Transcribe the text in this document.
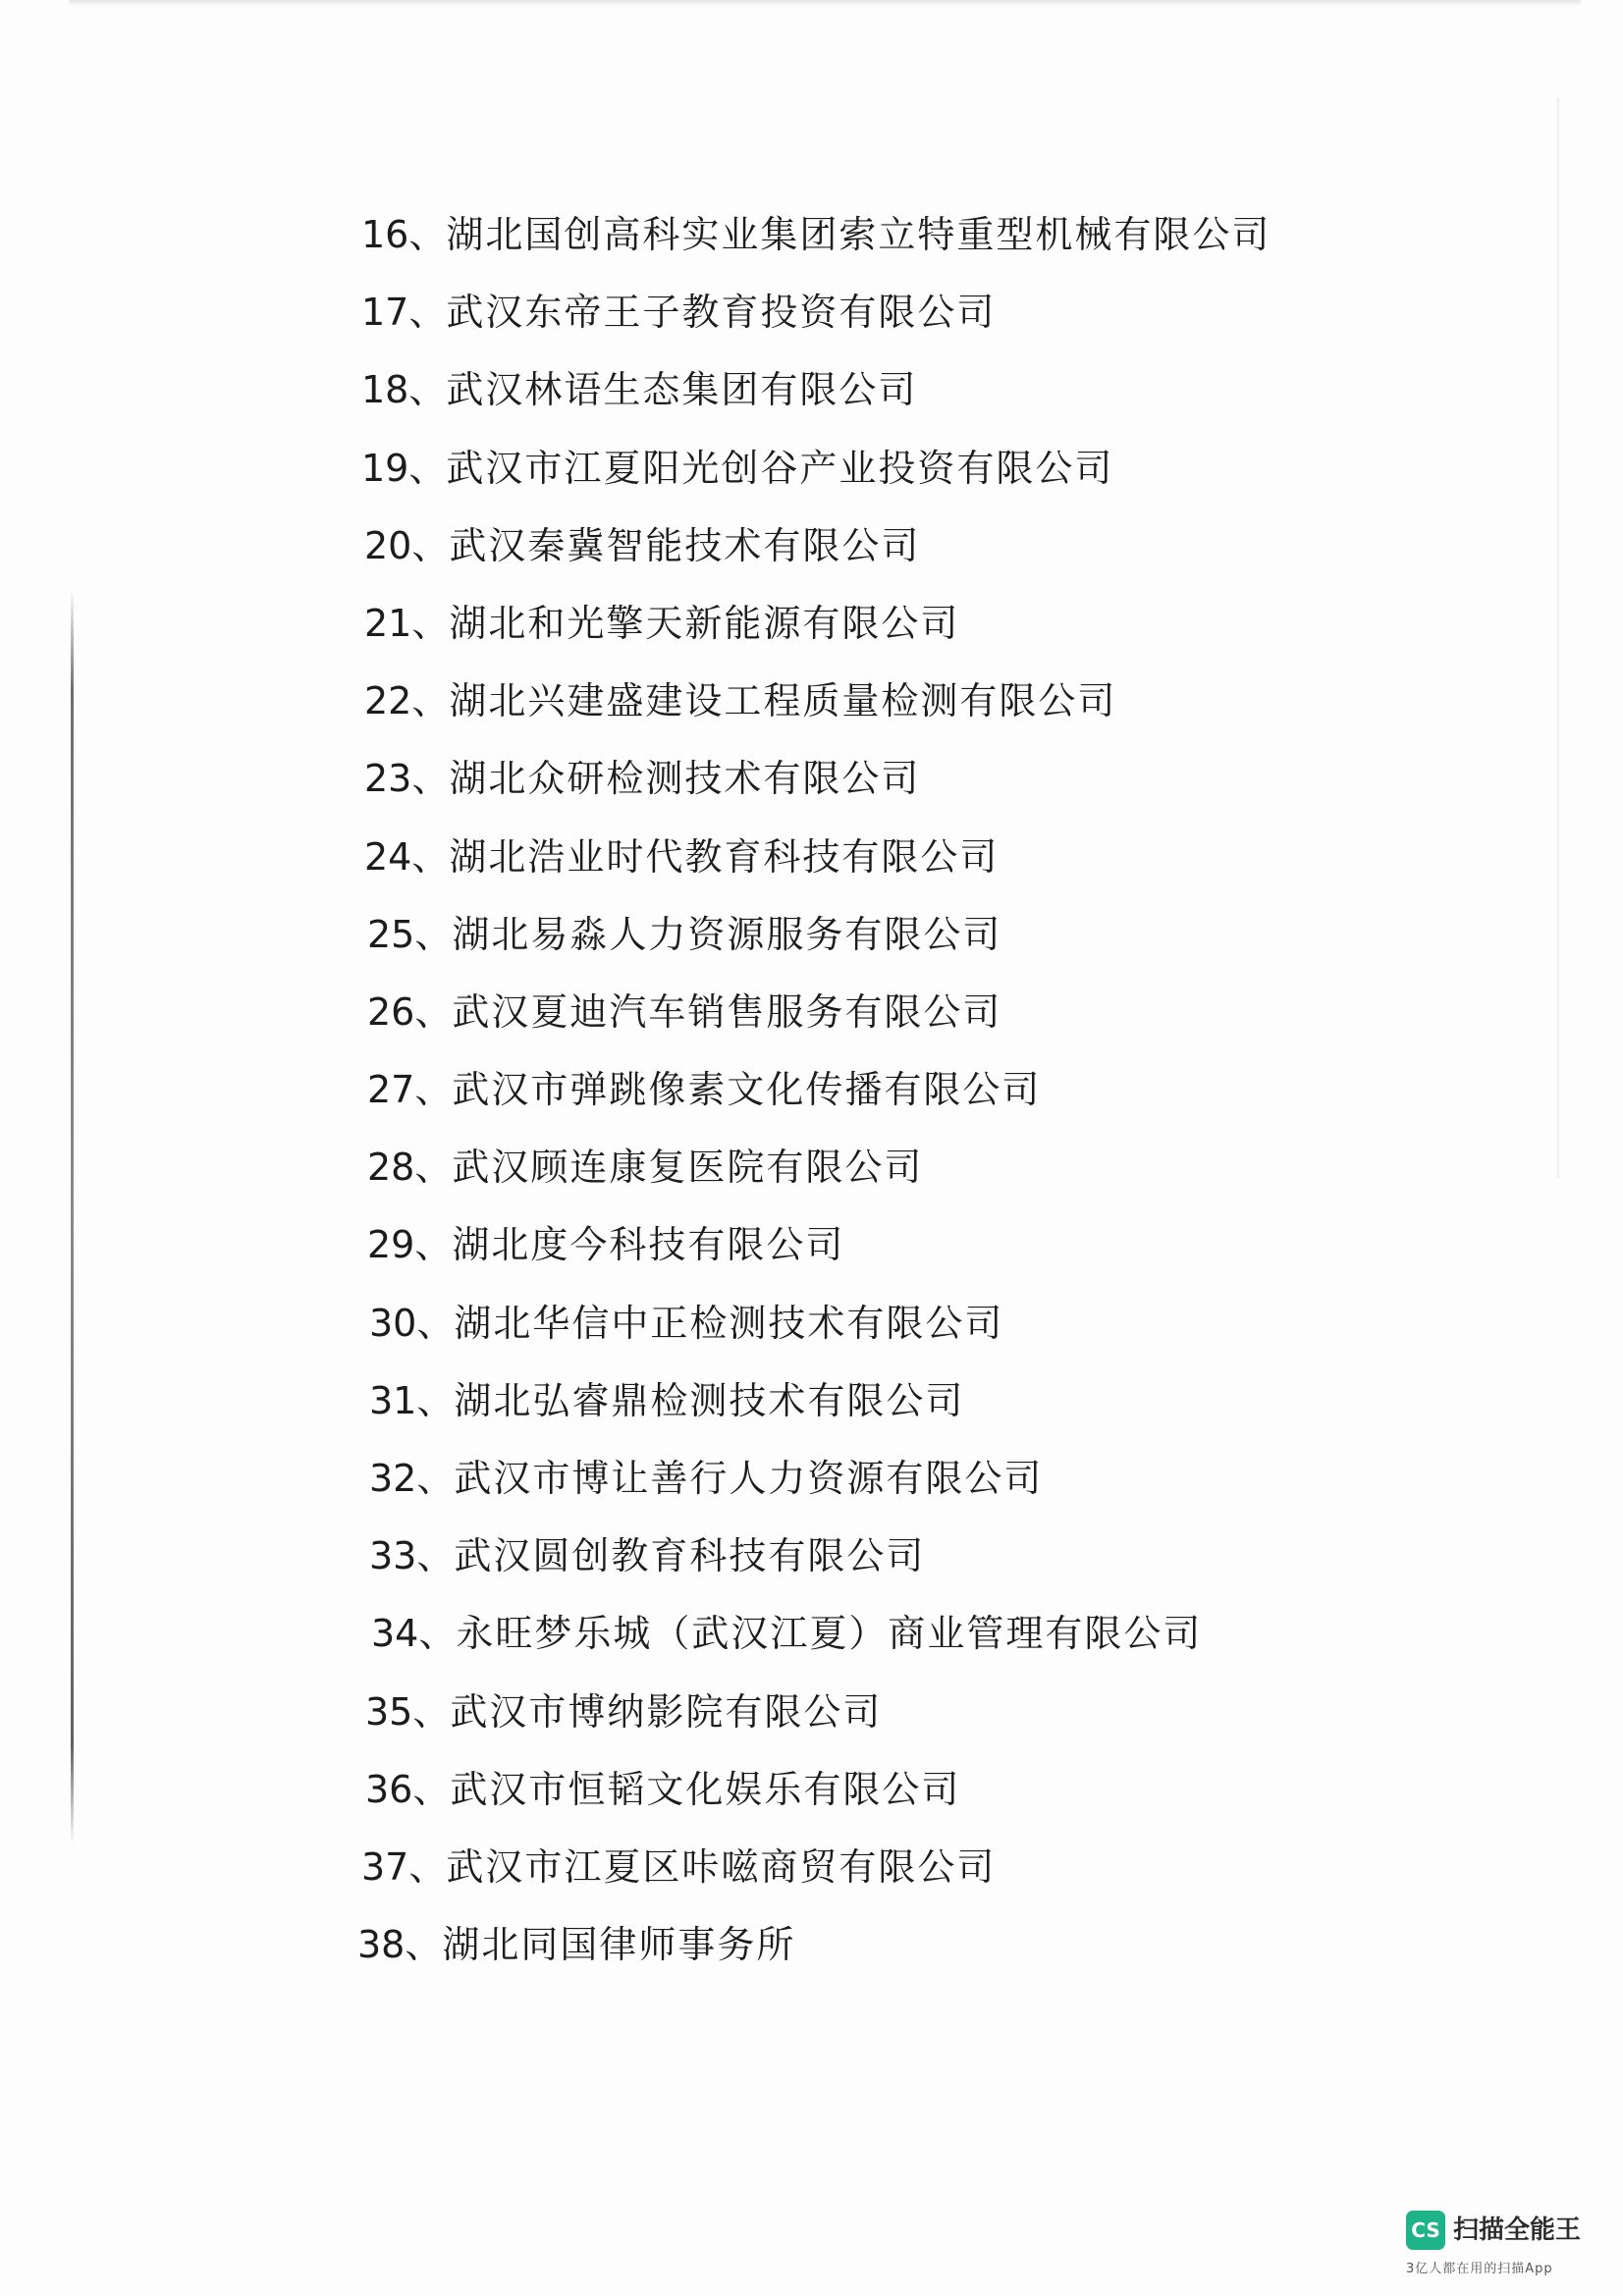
16、湖北国创高科实业集团索立特重型机械有限公司
17、武汉东帝王子教育投资有限公司
18、武汉林语生态集团有限公司
19、武汉市江夏阳光创谷产业投资有限公司
20、武汉秦冀智能技术有限公司
21、湖北和光擎天新能源有限公司
22、湖北兴建盛建设工程质量检测有限公司
23、湖北众研检测技术有限公司
24、湖北浩业时代教育科技有限公司
25、湖北易淼人力资源服务有限公司
26、武汉夏迪汽车销售服务有限公司
27、武汉市弹跳像素文化传播有限公司
28、武汉顾连康复医院有限公司
29、湖北度今科技有限公司
30、湖北华信中正检测技术有限公司
31、湖北弘睿鼎检测技术有限公司
32、武汉市博让善行人力资源有限公司
33、武汉圆创教育科技有限公司
34、永旺梦乐城（武汉江夏）商业管理有限公司
35、武汉市博纳影院有限公司
36、武汉市恒韬文化娱乐有限公司
37、武汉市江夏区咔嗞商贸有限公司
38、湖北同国律师事务所
CS 扫描全能王
3亿人都在用的扫描App
